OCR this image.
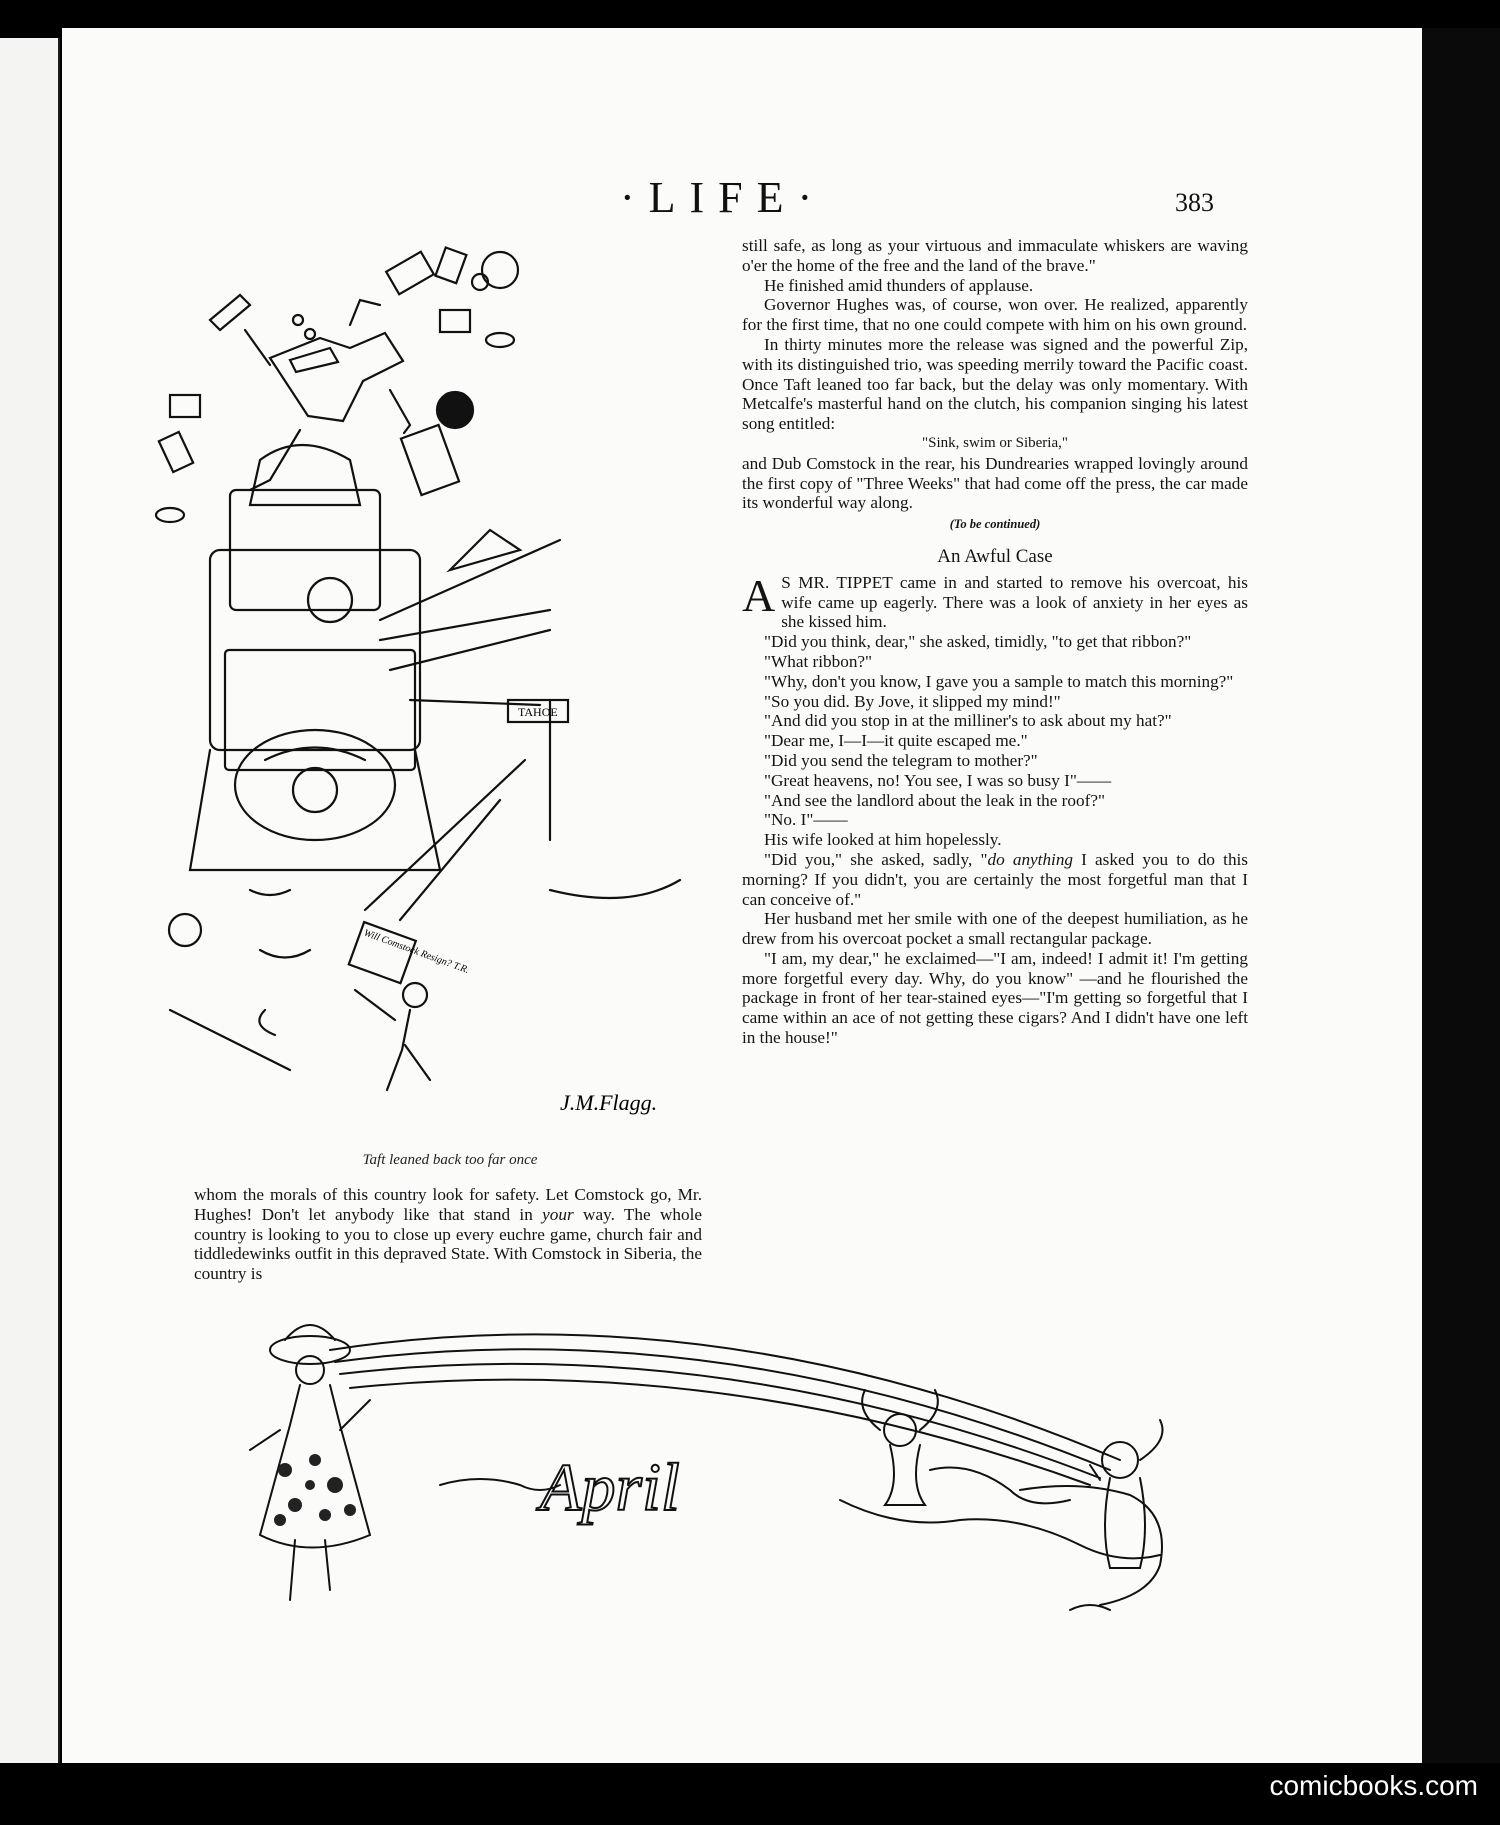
·LIFE·	383
TAHOE
Will Comstock Resign? T.R.
J.M.Flagg.
Taft leaned back too far once

still safe, as long as your virtuous and immaculate whiskers are waving o'er the home of the free and the land of the brave."

He finished amid thunders of applause.

Governor Hughes was, of course, won over. He realized, apparently for the first time, that no one could compete with him on his own ground.

In thirty minutes more the release was signed and the powerful Zip, with its distinguished trio, was speeding merrily toward the Pacific coast. Once Taft leaned too far back, but the delay was only momentary. With Metcalfe's masterful hand on the clutch, his companion singing his latest song entitled:

"Sink, swim or Siberia,"

and Dub Comstock in the rear, his Dundrearies wrapped lovingly around the first copy of "Three Weeks" that had come off the press, the car made its wonderful way along.

(To be continued)

An Awful Case

A S MR. TIPPET came in and started to remove his overcoat, his wife came up eagerly. There was a look of anxiety in her eyes as she kissed him.

"Did you think, dear," she asked, timidly, "to get that ribbon?"

"What ribbon?"

"Why, don't you know, I gave you a sample to match this morning?"

"So you did. By Jove, it slipped my mind!"

"And did you stop in at the milliner's to ask about my hat?"

"Dear me, I—I—it quite escaped me."

"Did you send the telegram to mother?"

"Great heavens, no! You see, I was so busy I"——

"And see the landlord about the leak in the roof?"

"No. I"——

His wife looked at him hopelessly.

"Did you," she asked, sadly, "do anything I asked you to do this morning? If you didn't, you are certainly the most forgetful man that I can conceive of."

Her husband met her smile with one of the deepest humiliation, as he drew from his overcoat pocket a small rectangular package.

"I am, my dear," he exclaimed—"I am, indeed! I admit it! I'm getting more forgetful every day. Why, do you know" —and he flourished the package in front of her tear-stained eyes—"I'm getting so forgetful that I came within an ace of not getting these cigars? And I didn't have one left in the house!"

whom the morals of this country look for safety. Let Comstock go, Mr. Hughes! Don't let anybody like that stand in your way. The whole country is looking to you to close up every euchre game, church fair and tiddledewinks outfit in this depraved State. With Comstock in Siberia, the country is

April
comicbooks.com
